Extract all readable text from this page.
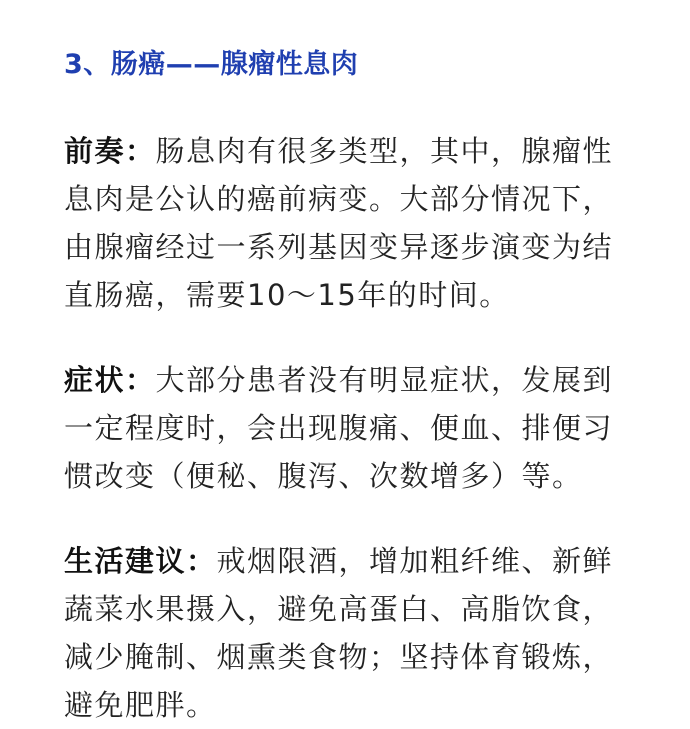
3、肠癌——腺瘤性息肉
前奏：肠息肉有很多类型，其中，腺瘤性
息肉是公认的癌前病变。大部分情况下，
由腺瘤经过一系列基因变异逐步演变为结
直肠癌，需要10～15年的时间。
症状：大部分患者没有明显症状，发展到
一定程度时，会出现腹痛、便血、排便习
惯改变（便秘、腹泻、次数增多）等。
生活建议：戒烟限酒，增加粗纤维、新鲜
蔬菜水果摄入，避免高蛋白、高脂饮食，
减少腌制、烟熏类食物；坚持体育锻炼，
避免肥胖。
